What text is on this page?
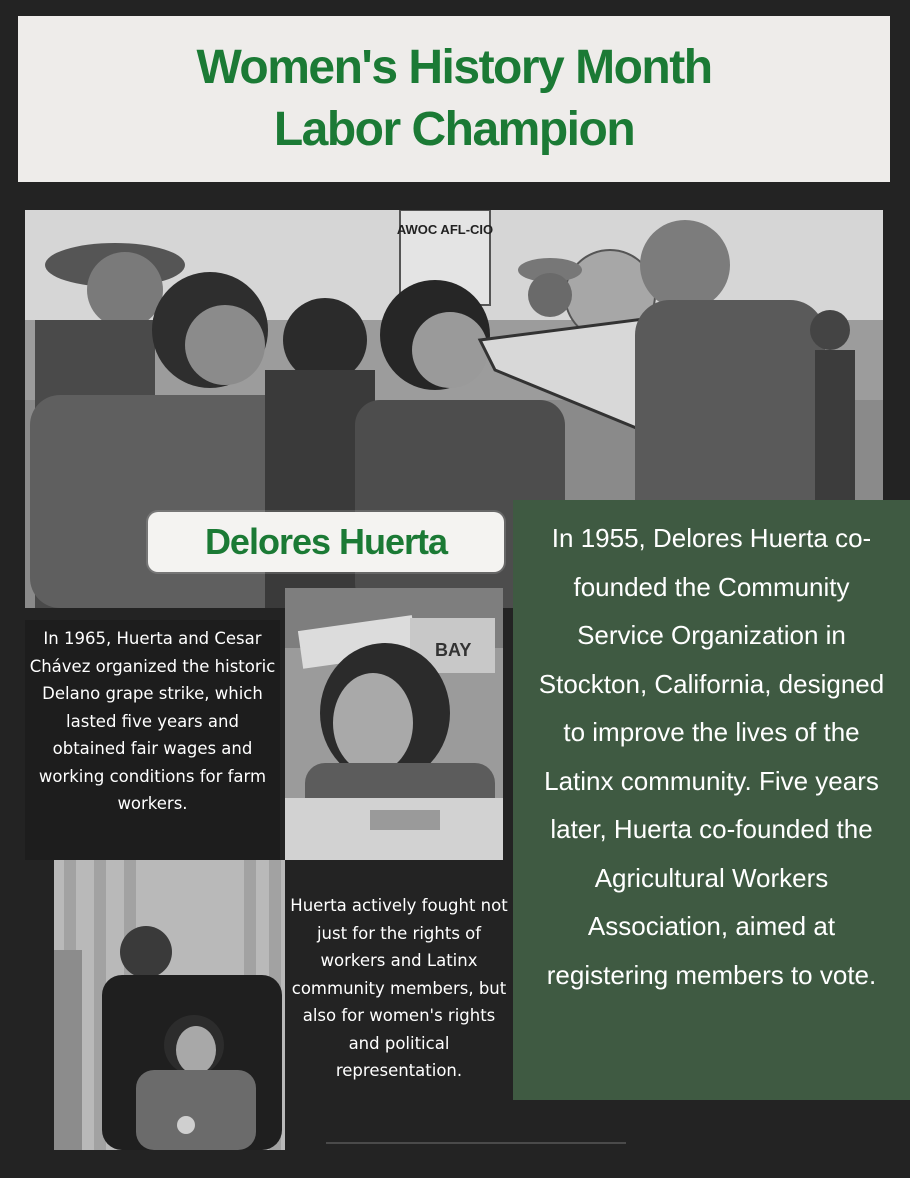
Women's History Month
Labor Champion
AWOC AFL-CIO
BAY
Delores Huerta	In 1955, Delores Huerta co-founded the Community Service Organization in Stockton, California, designed to improve the lives of the Latinx community. Five years later, Huerta co-founded the Agricultural Workers Association, aimed at registering members to vote.
In 1965, Huerta and Cesar Chávez organized the historic Delano grape strike, which lasted five years and obtained fair wages and working conditions for farm workers.
Huerta actively fought not just for the rights of workers and Latinx community members, but also for women's rights and political representation.
